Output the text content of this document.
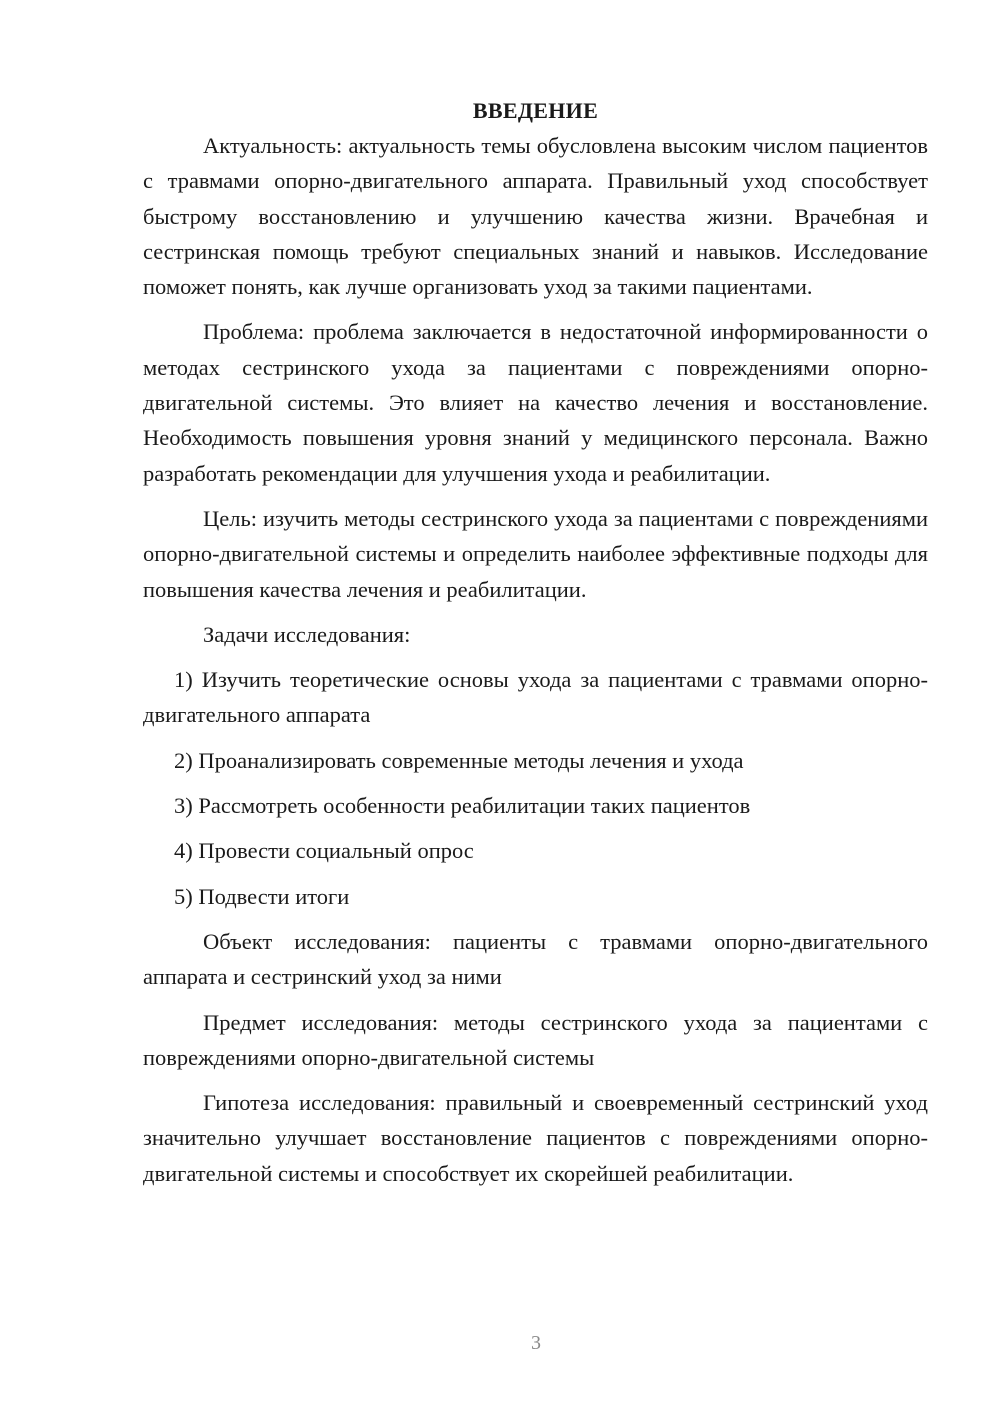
ВВЕДЕНИЕ

Актуальность: актуальность темы обусловлена высоким числом пациентов с травмами опорно-двигательного аппарата. Правильный уход способствует быстрому восстановлению и улучшению качества жизни. Врачебная и сестринская помощь требуют специальных знаний и навыков. Исследование поможет понять, как лучше организовать уход за такими пациентами.

Проблема: проблема заключается в недостаточной информированности о методах сестринского ухода за пациентами с повреждениями опорно-двигательной системы. Это влияет на качество лечения и восстановление. Необходимость повышения уровня знаний у медицинского персонала. Важно разработать рекомендации для улучшения ухода и реабилитации.

Цель: изучить методы сестринского ухода за пациентами с повреждениями опорно-двигательной системы и определить наиболее эффективные подходы для повышения качества лечения и реабилитации.

Задачи исследования:

1) Изучить теоретические основы ухода за пациентами с травмами опорно-двигательного аппарата

2) Проанализировать современные методы лечения и ухода

3) Рассмотреть особенности реабилитации таких пациентов

4) Провести социальный опрос

5) Подвести итоги

Объект исследования: пациенты с травмами опорно-двигательного аппарата и сестринский уход за ними

Предмет исследования: методы сестринского ухода за пациентами с повреждениями опорно-двигательной системы

Гипотеза исследования: правильный и своевременный сестринский уход значительно улучшает восстановление пациентов с повреждениями опорно-двигательной системы и способствует их скорейшей реабилитации.

3
